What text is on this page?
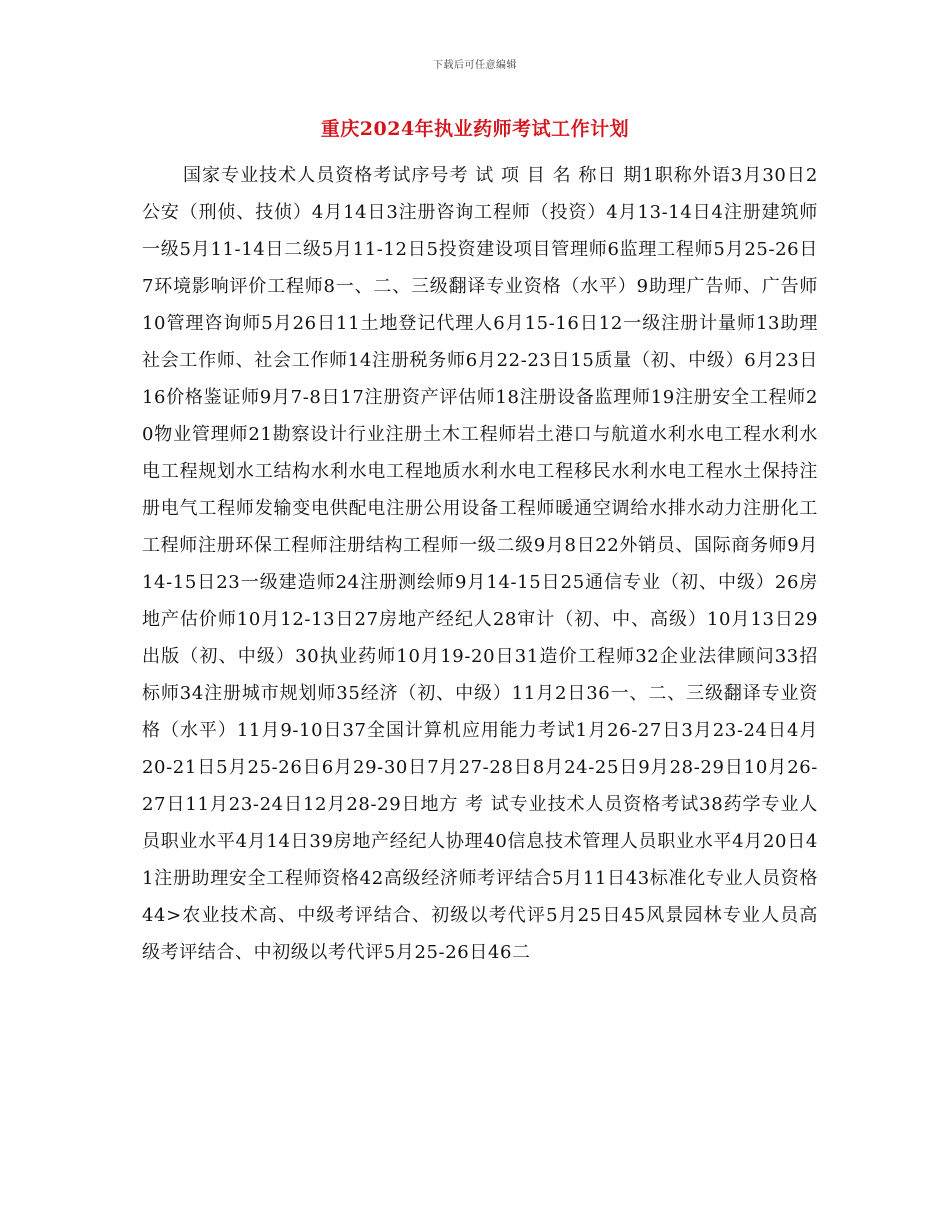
下载后可任意编辑
重庆2024年执业药师考试工作计划

国家专业技术人员资格考试序号考 试 项 目 名 称日 期1职称外语3月30日2公安（刑侦、技侦）4月14日3注册咨询工程师（投资）4月13-14日4注册建筑师一级5月11-14日二级5月11-12日5投资建设项目管理师6监理工程师5月25-26日7环境影响评价工程师8一、二、三级翻译专业资格（水平）9助理广告师、广告师10管理咨询师5月26日11土地登记代理人6月15-16日12一级注册计量师13助理社会工作师、社会工作师14注册税务师6月22-23日15质量（初、中级）6月23日16价格鉴证师9月7-8日17注册资产评估师18注册设备监理师19注册安全工程师20物业管理师21勘察设计行业注册土木工程师岩土港口与航道水利水电工程水利水电工程规划水工结构水利水电工程地质水利水电工程移民水利水电工程水土保持注册电气工程师发输变电供配电注册公用设备工程师暖通空调给水排水动力注册化工工程师注册环保工程师注册结构工程师一级二级9月8日22外销员、国际商务师9月14-15日23一级建造师24注册测绘师9月14-15日25通信专业（初、中级）26房地产估价师10月12-13日27房地产经纪人28审计（初、中、高级）10月13日29出版（初、中级）30执业药师10月19-20日31造价工程师32企业法律顾问33招标师34注册城市规划师35经济（初、中级）11月2日36一、二、三级翻译专业资格（水平）11月9-10日37全国计算机应用能力考试1月26-27日3月23-24日4月20-21日5月25-26日6月29-30日7月27-28日8月24-25日9月28-29日10月26-27日11月23-24日12月28-29日地方 考 试专业技术人员资格考试38药学专业人员职业水平4月14日39房地产经纪人协理40信息技术管理人员职业水平4月20日41注册助理安全工程师资格42高级经济师考评结合5月11日43标准化专业人员资格44>农业技术高、中级考评结合、初级以考代评5月25日45风景园林专业人员高级考评结合、中初级以考代评5月25-26日46二
